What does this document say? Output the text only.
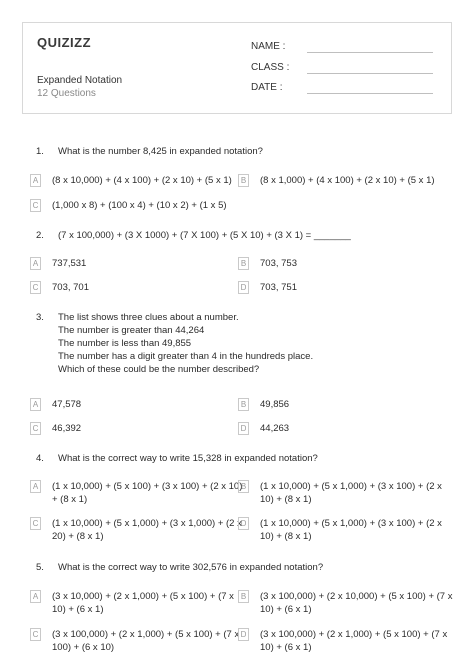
QUIZIZZ
Expanded Notation
12 Questions
NAME :
CLASS :
DATE :
1.	What is the number 8,425 in expanded notation?
A (8 x 10,000) + (4 x 100) + (2 x 10) + (5 x 1)	B (8 x 1,000) + (4 x 100) + (2 x 10) + (5 x 1)
C (1,000 x 8) + (100 x 4) + (10 x 2) + (1 x 5)
2.	(7 x 100,000) + (3 X 1000) + (7 X 100) + (5 X 10) + (3 X 1) = _______
A 737,531	B 703, 753
C 703, 701	D 703, 751
3.	The list shows three clues about a number.
The number is greater than 44,264
The number is less than 49,855
The number has a digit greater than 4 in the hundreds place.
Which of these could be the number described?
A 47,578	B 49,856
C 46,392	D 44,263
4.	What is the correct way to write 15,328 in expanded notation?
A (1 x 10,000) + (5 x 100) + (3 x 100) + (2 x 10) + (8 x 1)
B (1 x 10,000) + (5 x 1,000) + (3 x 100) + (2 x 10) + (8 x 1)
C (1 x 10,000) + (5 x 1,000) + (3 x 1,000) + (2 x 20) + (8 x 1)
D (1 x 10,000) + (5 x 1,000) + (3 x 100) + (2 x 10) + (8 x 1)
5.	What is the correct way to write 302,576 in expanded notation?
A (3 x 10,000) + (2 x 1,000) + (5 x 100) + (7 x 10) + (6 x 1)
B (3 x 100,000) + (2 x 10,000) + (5 x 100) + (7 x 10) + (6 x 1)
C (3 x 100,000) + (2 x 1,000) + (5 x 100) + (7 x 100) + (6 x 10)
D (3 x 100,000) + (2 x 1,000) + (5 x 100) + (7 x 10) + (6 x 1)
